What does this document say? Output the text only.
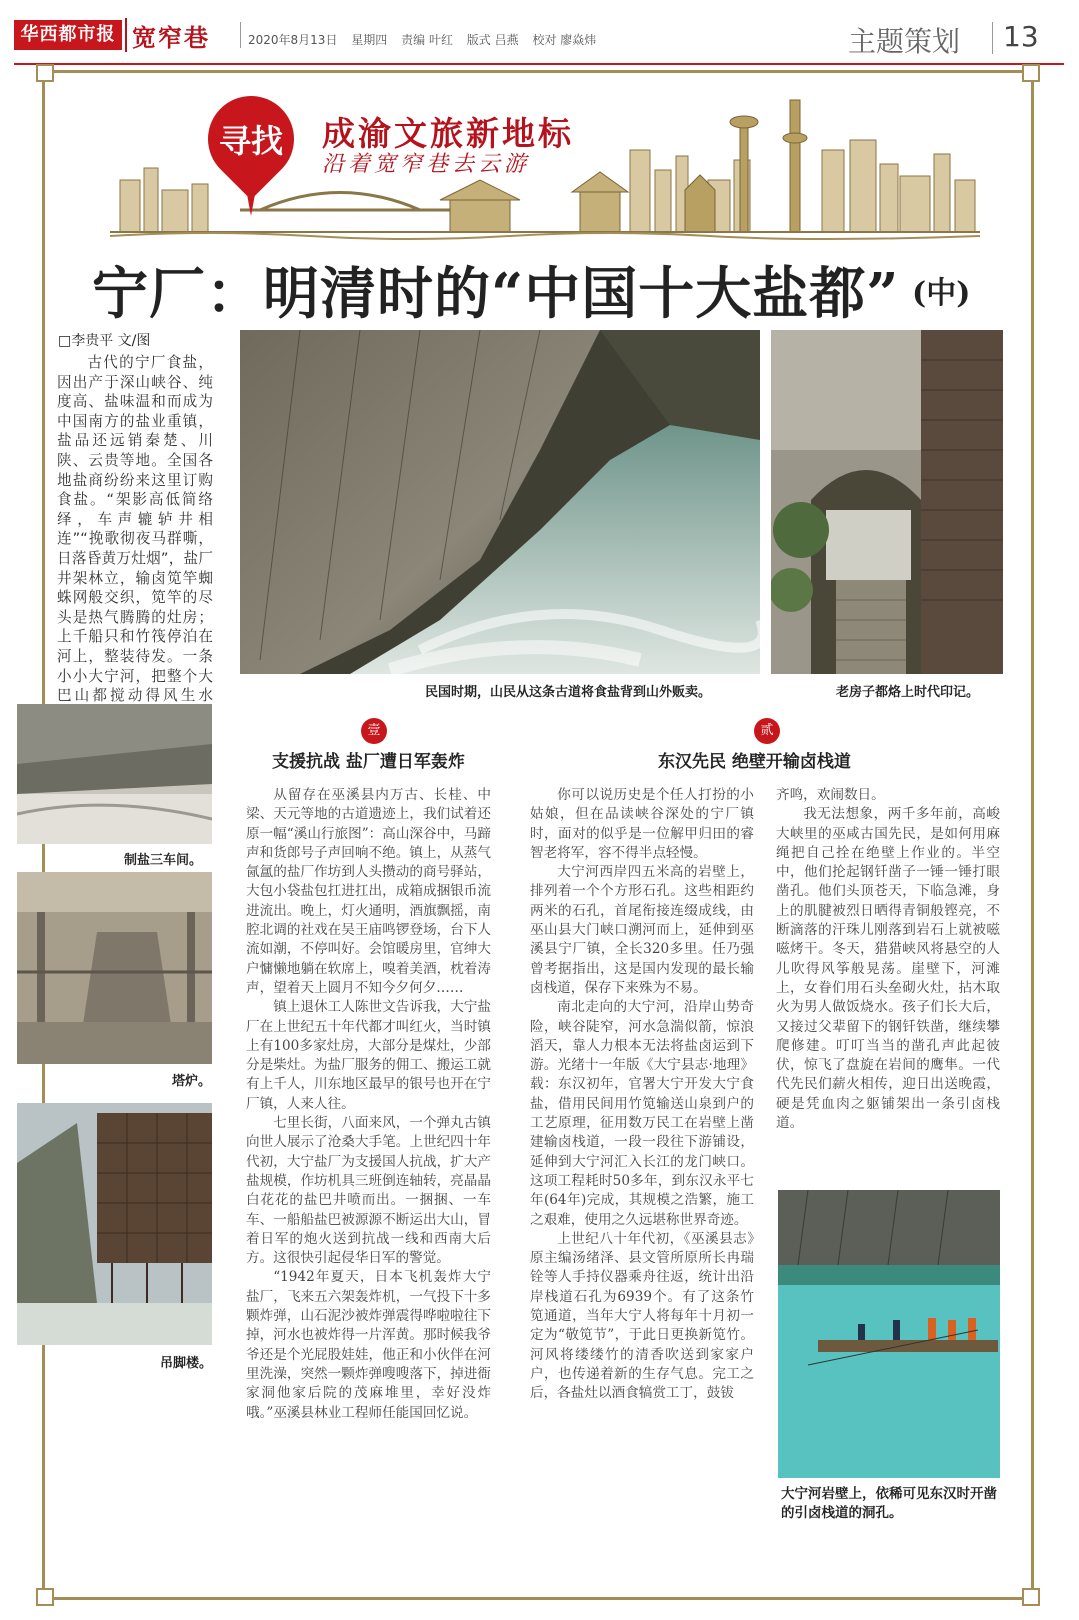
华西都市报 宽窄巷	2020年8月13日 星期四 责编 叶红 版式 吕燕 校对 廖焱炜	主题策划 13
寻找	成渝文旅新地标
沿着宽窄巷去云游
宁厂：明清时的“中国十大盐都” (中)
□李贵平 文/图
古代的宁厂食盐，因出产于深山峡谷、纯度高、盐味温和而成为中国南方的盐业重镇，盐品还远销秦楚、川陕、云贵等地。全国各地盐商纷纷来这里订购食盐。“架影高低简络绎，车声辘轳井相连”“挽歌彻夜马群嘶，日落昏黄万灶烟”，盐厂井架林立，输卤笕竿蜘蛛网般交织，笕竿的尽头是热气腾腾的灶房；上千船只和竹筏停泊在河上，整装待发。一条小小大宁河，把整个大巴山都搅动得风生水	民国时期，山民从这条古道将食盐背到山外贩卖。	老房子都烙上时代印记。
制盐三车间。
塔炉。
吊脚楼。
壹
支援抗战 盐厂遭日军轰炸
贰
东汉先民 绝壁开输卤栈道

从留存在巫溪县内万古、长桂、中梁、天元等地的古道遗迹上，我们试着还原一幅“溪山行旅图”：高山深谷中，马蹄声和货郎号子声回响不绝。镇上，从蒸气氤氲的盐厂作坊到人头攒动的商号驿站，大包小袋盐包扛进扛出，成箱成捆银币流进流出。晚上，灯火通明，酒旗飘摇，南腔北调的社戏在吴王庙鸣锣登场，台下人流如潮，不停叫好。会馆暖房里，官绅大户慵懒地躺在软席上，嗅着美酒，枕着涛声，望着天上圆月不知今夕何夕……

镇上退休工人陈世文告诉我，大宁盐厂在上世纪五十年代都才叫红火，当时镇上有100多家灶房，大部分是煤灶，少部分是柴灶。为盐厂服务的佣工、搬运工就有上千人，川东地区最早的银号也开在宁厂镇，人来人往。

七里长街，八面来风，一个弹丸古镇向世人展示了沧桑大手笔。上世纪四十年代初，大宁盐厂为支援国人抗战，扩大产盐规模，作坊机具三班倒连轴转，亮晶晶白花花的盐巴井喷而出。一捆捆、一车车、一船船盐巴被源源不断运出大山，冒着日军的炮火送到抗战一线和西南大后方。这很快引起侵华日军的警觉。

“1942年夏天，日本飞机轰炸大宁盐厂，飞来五六架轰炸机，一气投下十多颗炸弹，山石泥沙被炸弹震得哗啦啦往下掉，河水也被炸得一片浑黄。那时候我爷爷还是个光屁股娃娃，他正和小伙伴在河里洗澡，突然一颗炸弹嗖嗖落下，掉进衙家洞他家后院的茂麻堆里，幸好没炸哦。”巫溪县林业工程师任能国回忆说。

你可以说历史是个任人打扮的小姑娘，但在品读峡谷深处的宁厂镇时，面对的似乎是一位解甲归田的睿智老将军，容不得半点轻慢。

大宁河西岸四五米高的岩壁上，排列着一个个方形石孔。这些相距约两米的石孔，首尾衔接连缀成线，由巫山县大门峡口溯河而上，延伸到巫溪县宁厂镇，全长320多里。任乃强曾考据指出，这是国内发现的最长输卤栈道，保存下来殊为不易。

南北走向的大宁河，沿岸山势奇险，峡谷陡窄，河水急湍似箭，惊浪滔天，靠人力根本无法将盐卤运到下游。光绪十一年版《大宁县志·地理》载：东汉初年，官署大宁开发大宁食盐，借用民间用竹笕输送山泉到户的工艺原理，征用数万民工在岩壁上凿建输卤栈道，一段一段往下游铺设，延伸到大宁河汇入长江的龙门峡口。这项工程耗时50多年，到东汉永平七年(64年)完成，其规模之浩繁，施工之艰难，使用之久远堪称世界奇迹。

上世纪八十年代初，《巫溪县志》原主编汤绪泽、县文管所原所长冉瑞铨等人手持仪器乘舟往返，统计出沿岸栈道石孔为6939个。有了这条竹笕通道，当年大宁人将每年十月初一定为“敬笕节”，于此日更换新笕竹。河风将缕缕竹的清香吹送到家家户户，也传递着新的生存气息。完工之后，各盐灶以酒食犒赏工丁，鼓钹

齐鸣，欢闹数日。

我无法想象，两千多年前，高峻大峡里的巫咸古国先民，是如何用麻绳把自己拴在绝壁上作业的。半空中，他们抡起钢钎凿子一锤一锤打眼凿孔。他们头顶苍天，下临急滩，身上的肌腱被烈日晒得青铜般铿亮，不断滴落的汗珠儿刚落到岩石上就被嗞嗞烤干。冬天，猎猎峡风将悬空的人儿吹得风筝般晃荡。崖壁下，河滩上，女眷们用石头垒砌火灶，拈木取火为男人做饭烧水。孩子们长大后，又接过父辈留下的钢钎铁凿，继续攀爬修建。叮叮当当的凿孔声此起彼伏，惊飞了盘旋在岩间的鹰隼。一代代先民们薪火相传，迎日出送晚霞，硬是凭血肉之躯铺架出一条引卤栈道。

大宁河岩壁上，依稀可见东汉时开凿的引卤栈道的洞孔。
